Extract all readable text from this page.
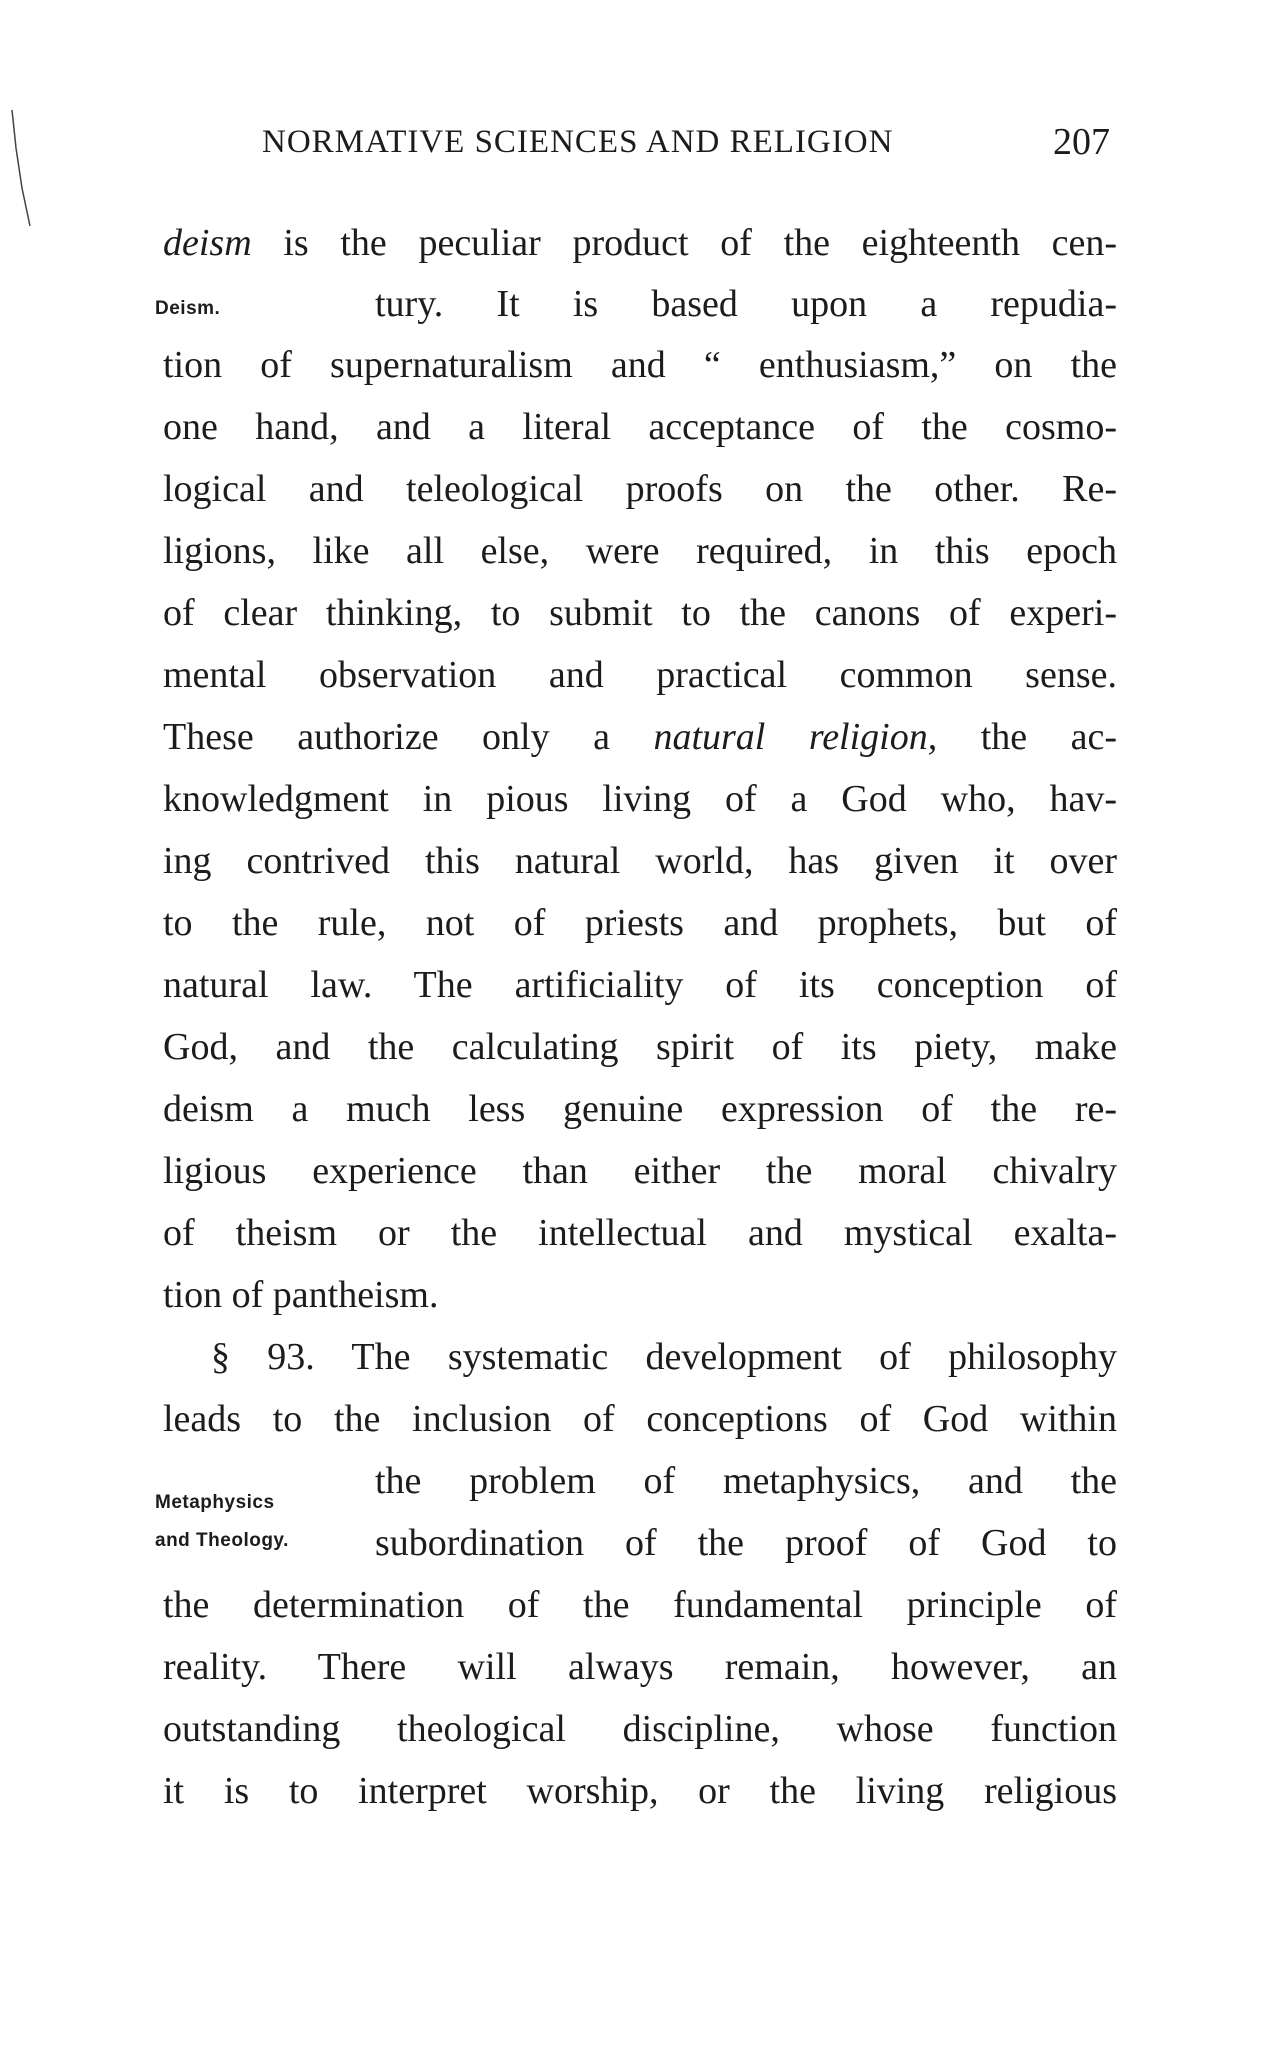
NORMATIVE SCIENCES AND RELIGION	207
Deism.
Metaphysics
and Theology.
deism is the peculiar product of the eighteenth cen-
tury. It is based upon a repudia-
tion of supernaturalism and “ enthusiasm,” on the
one hand, and a literal acceptance of the cosmo-
logical and teleological proofs on the other. Re-
ligions, like all else, were required, in this epoch
of clear thinking, to submit to the canons of experi-
mental observation and practical common sense.
These authorize only a natural religion, the ac-
knowledgment in pious living of a God who, hav-
ing contrived this natural world, has given it over
to the rule, not of priests and prophets, but of
natural law. The artificiality of its conception of
God, and the calculating spirit of its piety, make
deism a much less genuine expression of the re-
ligious experience than either the moral chivalry
of theism or the intellectual and mystical exalta-
tion of pantheism.
§ 93. The systematic development of philosophy
leads to the inclusion of conceptions of God within
the problem of metaphysics, and the
subordination of the proof of God to
the determination of the fundamental principle of
reality. There will always remain, however, an
outstanding theological discipline, whose function
it is to interpret worship, or the living religious
